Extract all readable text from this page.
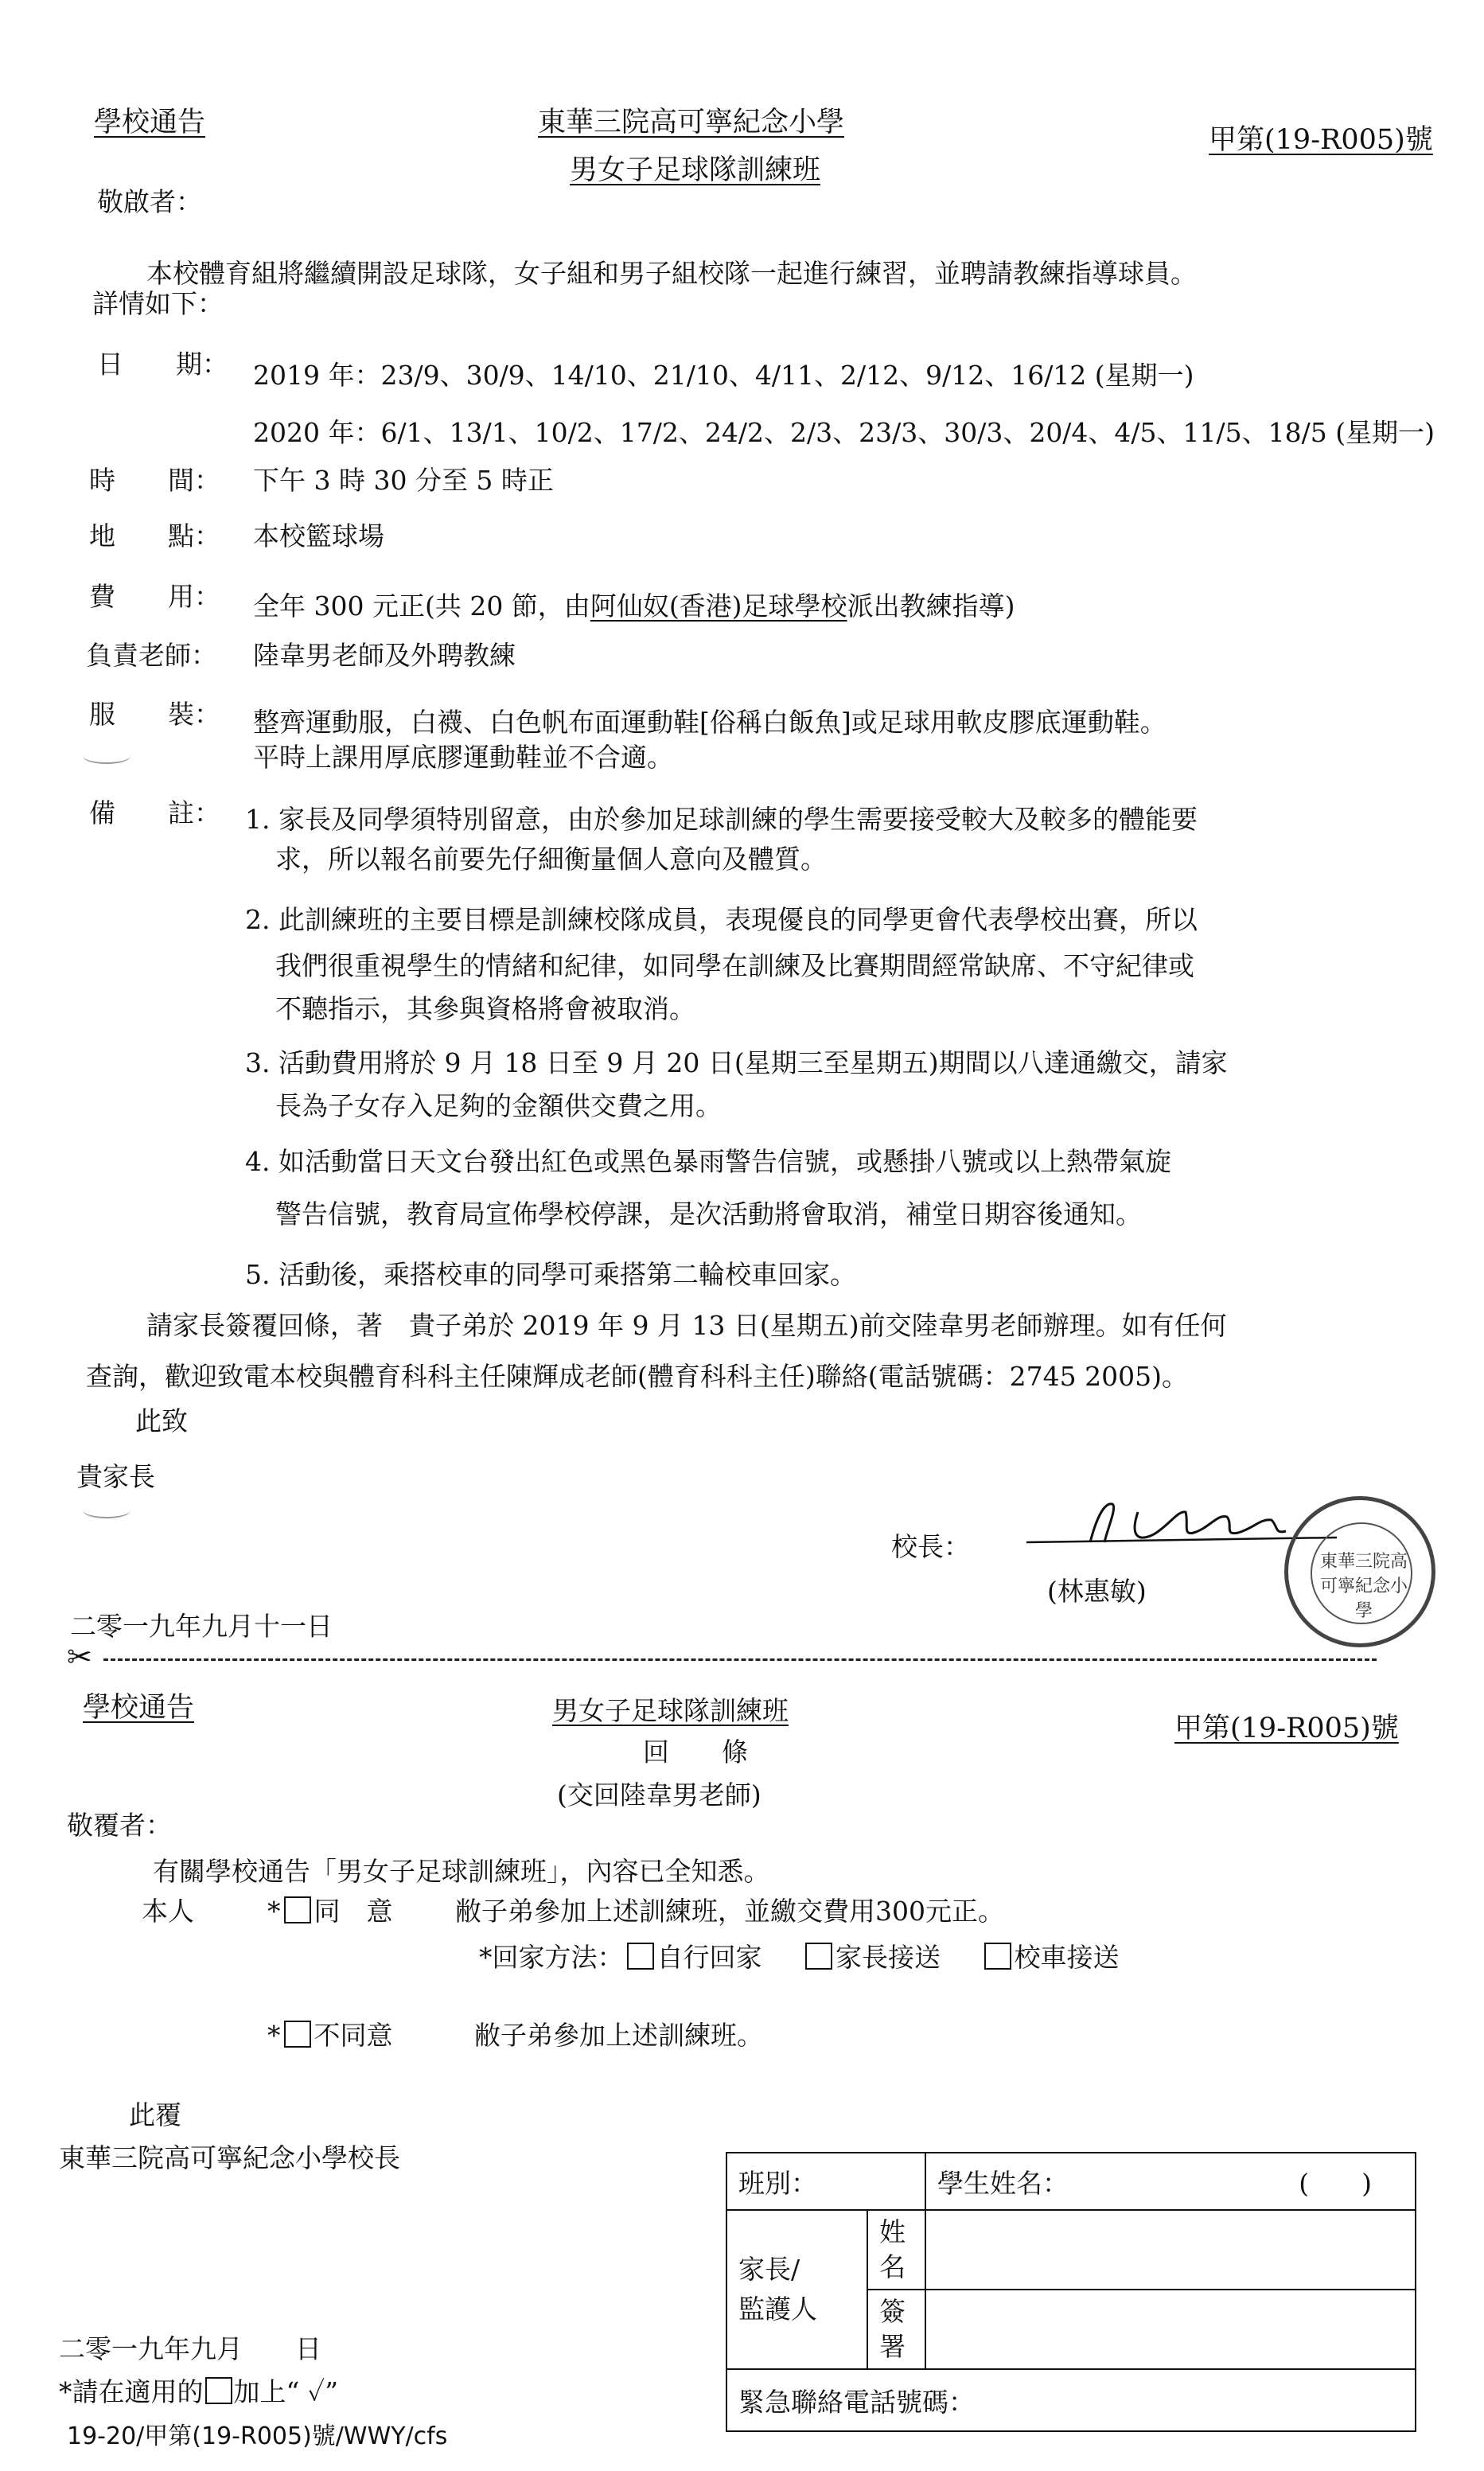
學校通告	東華三院高可寧紀念小學
男女子足球隊訓練班
甲第(19-R005)號
敬啟者：
本校體育組將繼續開設足球隊，女子組和男子組校隊一起進行練習，並聘請教練指導球員。
詳情如下：
日　　期： 2019 年：23/9、30/9、14/10、21/10、4/11、2/12、9/12、16/12 (星期一)
2020 年：6/1、13/1、10/2、17/2、24/2、2/3、23/3、30/3、20/4、4/5、11/5、18/5 (星期一)
時　　間： 下午 3 時 30 分至 5 時正
地　　點： 本校籃球場
費　　用： 全年 300 元正(共 20 節，由阿仙奴(香港)足球學校派出教練指導)
負責老師： 陸韋男老師及外聘教練
服　　裝： 整齊運動服，白襪、白色帆布面運動鞋[俗稱白飯魚]或足球用軟皮膠底運動鞋。
平時上課用厚底膠運動鞋並不合適。
備　　註： 1. 家長及同學須特別留意，由於參加足球訓練的學生需要接受較大及較多的體能要
求，所以報名前要先仔細衡量個人意向及體質。
2. 此訓練班的主要目標是訓練校隊成員，表現優良的同學更會代表學校出賽，所以
我們很重視學生的情緒和紀律，如同學在訓練及比賽期間經常缺席、不守紀律或
不聽指示，其參與資格將會被取消。
3. 活動費用將於 9 月 18 日至 9 月 20 日(星期三至星期五)期間以八達通繳交，請家
長為子女存入足夠的金額供交費之用。
4. 如活動當日天文台發出紅色或黑色暴雨警告信號，或懸掛八號或以上熱帶氣旋
警告信號，教育局宣佈學校停課，是次活動將會取消，補堂日期容後通知。
5. 活動後，乘搭校車的同學可乘搭第二輪校車回家。
請家長簽覆回條，著　貴子弟於 2019 年 9 月 13 日(星期五)前交陸韋男老師辦理。如有任何
查詢，歡迎致電本校與體育科科主任陳輝成老師(體育科科主任)聯絡(電話號碼：2745 2005)。
此致
貴家長
校長：
(林惠敏)
東華三院高可寧紀念小學
二零一九年九月十一日
✂
學校通告	男女子足球隊訓練班
回　　條
(交回陸韋男老師)
甲第(19-R005)號
敬覆者：
有關學校通告「男女子足球訓練班」，內容已全知悉。
本人	* 同　意 敝子弟參加上述訓練班，並繳交費用300元正。
*回家方法： 自行回家	家長接送	校車接送
* 不同意	敝子弟參加上述訓練班。
此覆
東華三院高可寧紀念小學校長
班別：		學生姓名： (　　)

家長/
監護人	姓
名	
	簽
署	
緊急聯絡電話號碼：		
二零一九年九月　　日
*請在適用的 加上“ ✓”
19-20/甲第(19-R005)號/WWY/cfs
